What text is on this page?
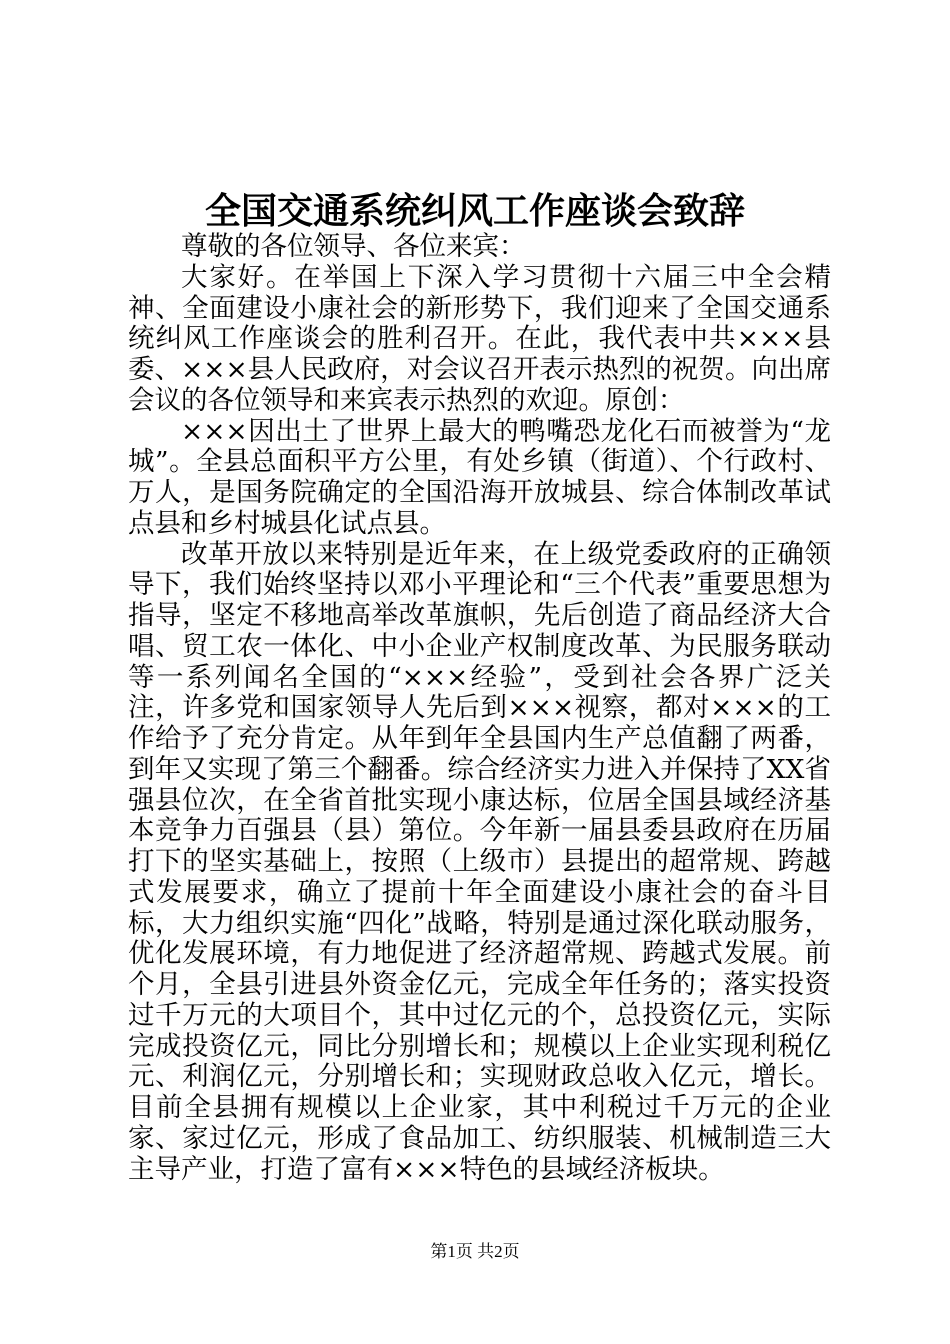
全国交通系统纠风工作座谈会致辞

尊敬的各位领导、各位来宾：

大家好。在举国上下深入学习贯彻十六届三中全会精神、全面建设小康社会的新形势下，我们迎来了全国交通系统纠风工作座谈会的胜利召开。在此，我代表中共×××县委、×××县人民政府，对会议召开表示热烈的祝贺。向出席会议的各位领导和来宾表示热烈的欢迎。原创：

×××因出土了世界上最大的鸭嘴恐龙化石而被誉为“龙城”。全县总面积平方公里，有处乡镇（街道）、个行政村、万人，是国务院确定的全国沿海开放城县、综合体制改革试点县和乡村城县化试点县。

改革开放以来特别是近年来，在上级党委政府的正确领导下，我们始终坚持以邓小平理论和“三个代表”重要思想为指导，坚定不移地高举改革旗帜，先后创造了商品经济大合唱、贸工农一体化、中小企业产权制度改革、为民服务联动等一系列闻名全国的“×××经验”，受到社会各界广泛关注，许多党和国家领导人先后到×××视察，都对×××的工作给予了充分肯定。从年到年全县国内生产总值翻了两番，到年又实现了第三个翻番。综合经济实力进入并保持了XX省强县位次，在全省首批实现小康达标，位居全国县域经济基本竞争力百强县（县）第位。今年新一届县委县政府在历届打下的坚实基础上，按照（上级市）县提出的超常规、跨越式发展要求，确立了提前十年全面建设小康社会的奋斗目标，大力组织实施“四化”战略，特别是通过深化联动服务，优化发展环境，有力地促进了经济超常规、跨越式发展。前个月，全县引进县外资金亿元，完成全年任务的；落实投资过千万元的大项目个，其中过亿元的个，总投资亿元，实际完成投资亿元，同比分别增长和；规模以上企业实现利税亿元、利润亿元，分别增长和；实现财政总收入亿元，增长。目前全县拥有规模以上企业家，其中利税过千万元的企业家、家过亿元，形成了食品加工、纺织服装、机械制造三大主导产业，打造了富有×××特色的县域经济板块。

第1页 共2页
